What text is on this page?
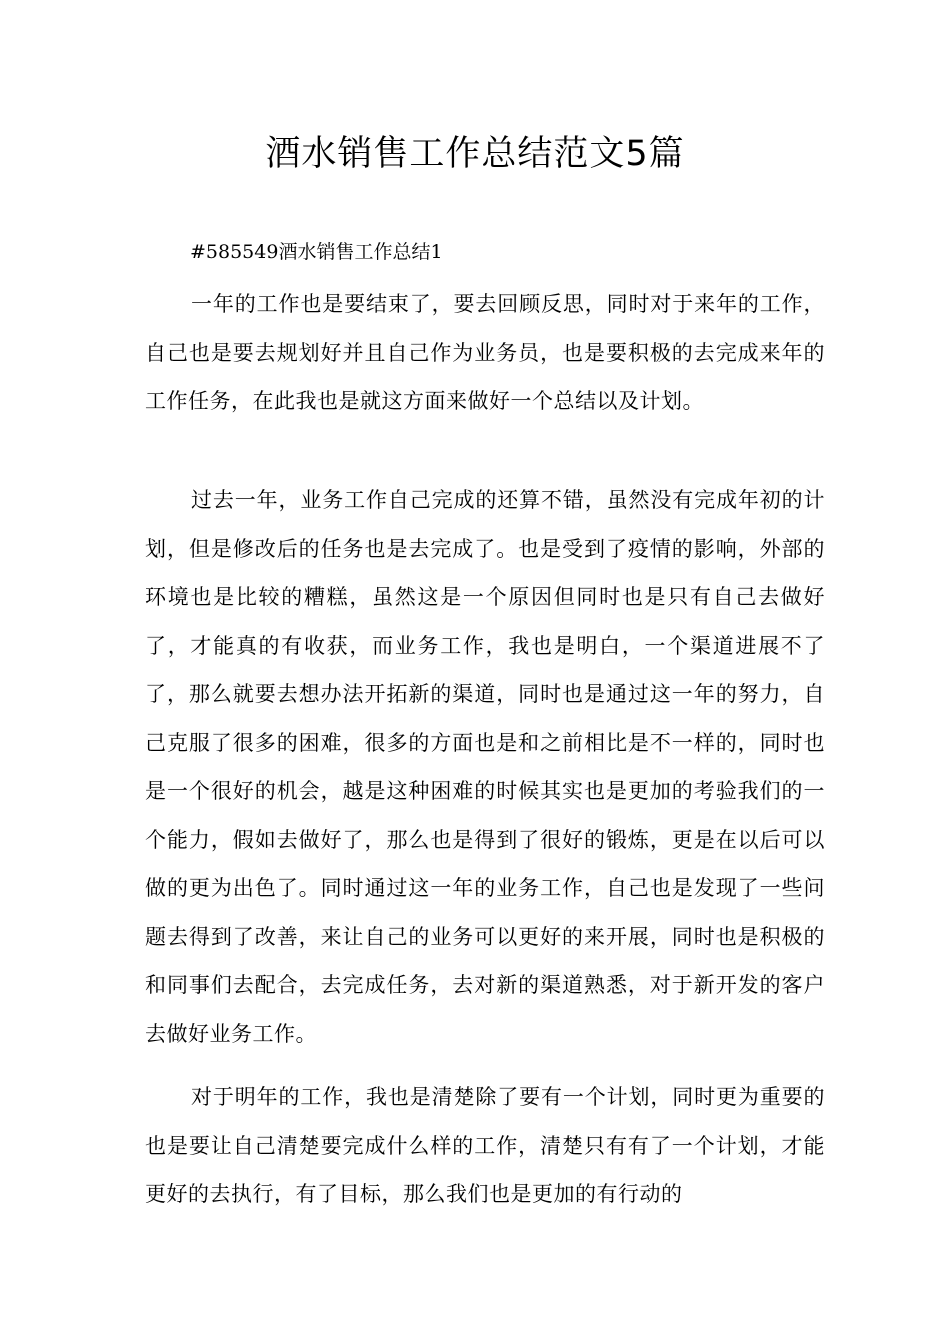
酒水销售工作总结范文5篇

#585549酒水销售工作总结1

一年的工作也是要结束了，要去回顾反思，同时对于来年的工作，自己也是要去规划好并且自己作为业务员，也是要积极的去完成来年的工作任务，在此我也是就这方面来做好一个总结以及计划。

过去一年，业务工作自己完成的还算不错，虽然没有完成年初的计划，但是修改后的任务也是去完成了。也是受到了疫情的影响，外部的环境也是比较的糟糕，虽然这是一个原因但同时也是只有自己去做好了，才能真的有收获，而业务工作，我也是明白，一个渠道进展不了了，那么就要去想办法开拓新的渠道，同时也是通过这一年的努力，自己克服了很多的困难，很多的方面也是和之前相比是不一样的，同时也是一个很好的机会，越是这种困难的时候其实也是更加的考验我们的一个能力，假如去做好了，那么也是得到了很好的锻炼，更是在以后可以做的更为出色了。同时通过这一年的业务工作，自己也是发现了一些问题去得到了改善，来让自己的业务可以更好的来开展，同时也是积极的和同事们去配合，去完成任务，去对新的渠道熟悉，对于新开发的客户去做好业务工作。

对于明年的工作，我也是清楚除了要有一个计划，同时更为重要的也是要让自己清楚要完成什么样的工作，清楚只有有了一个计划，才能更好的去执行，有了目标，那么我们也是更加的有行动的
